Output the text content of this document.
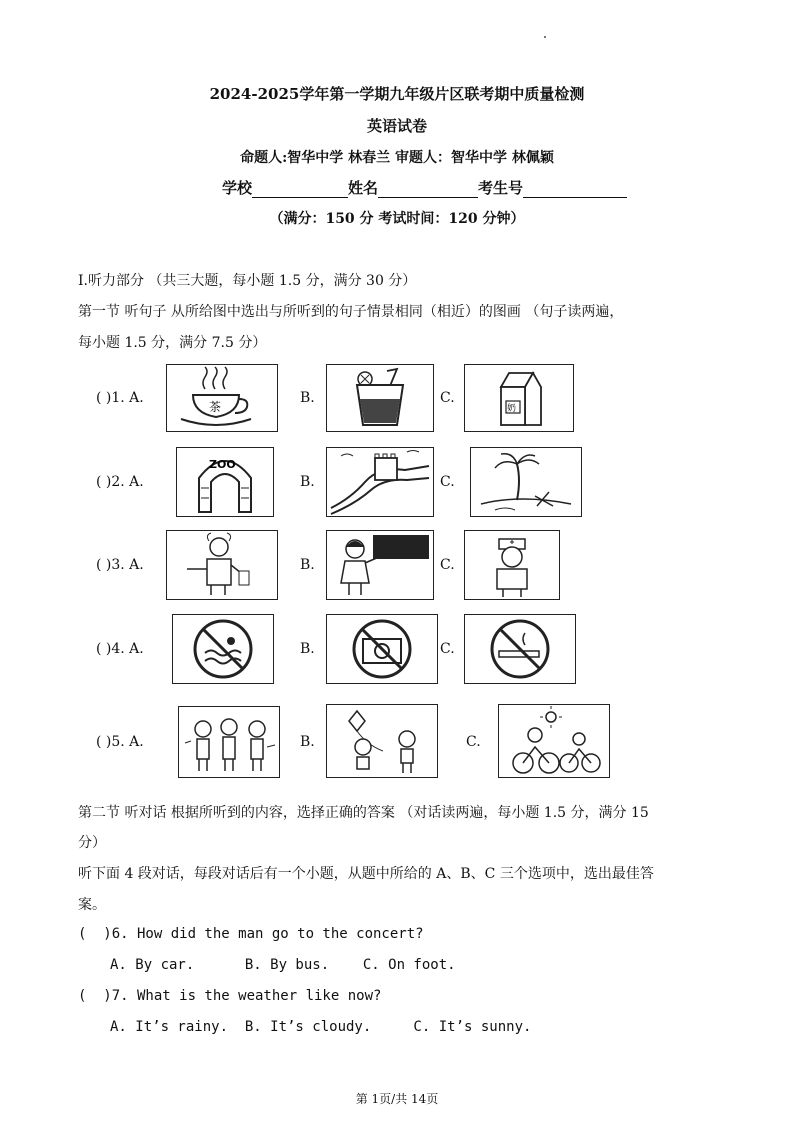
2024-2025学年第一学期九年级片区联考期中质量检测
英语试卷
命题人:智华中学 林春兰 审题人：智华中学 林佩颖
学校	姓名	考生号
（满分：150 分 考试时间：120 分钟）
I.听力部分 （共三大题，每小题 1.5 分，满分 30 分）
第一节 听句子 从所给图中选出与所听到的句子情景相同（相近）的图画 （句子读两遍，
每小题 1.5 分，满分 7.5 分）
( )1. A.
茶
B.	C.
奶
( )2. A.
ZOO
B.	C.
( )3. A.	B.	C.
( )4. A.	B.	C.
( )5. A.	B.	C.
第二节 听对话 根据所听到的内容，选择正确的答案 （对话读两遍，每小题 1.5 分，满分 15
分）
听下面 4 段对话，每段对话后有一个小题，从题中所给的 A、B、C 三个选项中，选出最佳答
案。
(  )6. How did the man go to the concert?
A. By car.      B. By bus.    C. On foot.
(  )7. What is the weather like now?
A. It’s rainy.  B. It’s cloudy.     C. It’s sunny.
第 1页/共 14页
